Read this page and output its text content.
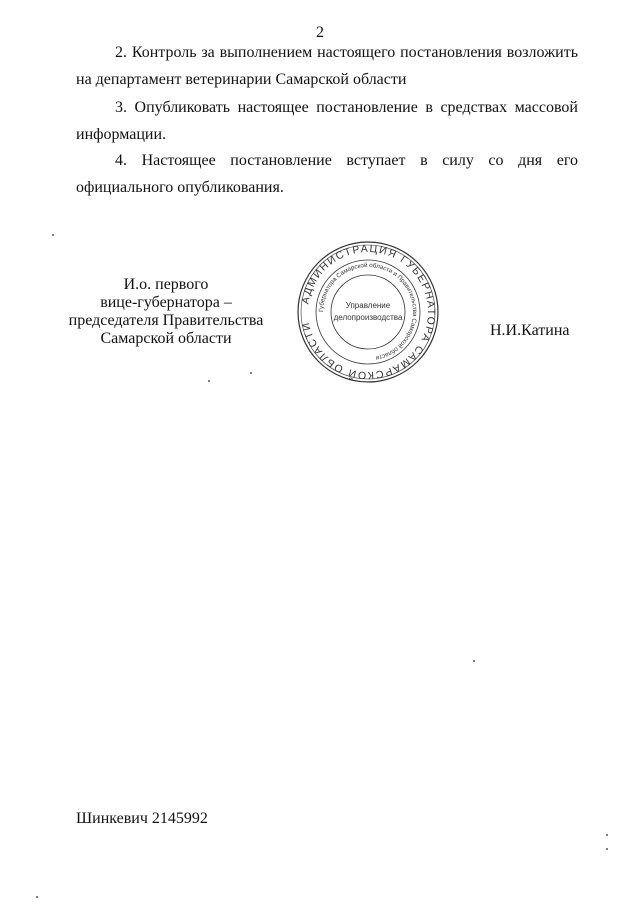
2
2. Контроль за выполнением настоящего постановления возложить на департамент ветеринарии Самарской области
3. Опубликовать настоящее постановление в средствах массовой информации.
4. Настоящее постановление вступает в силу со дня его официального опубликования.
И.о. первого
вице-губернатора –
председателя Правительства
Самарской области
АДМИНИСТРАЦИЯ ГУБЕРНАТОРА САМАРСКОЙ ОБЛАСТИ
Губернатора Самарской области и Правительства Самарской области
Управление
делопроизводства
Н.И.Катина
Шинкевич 2145992
